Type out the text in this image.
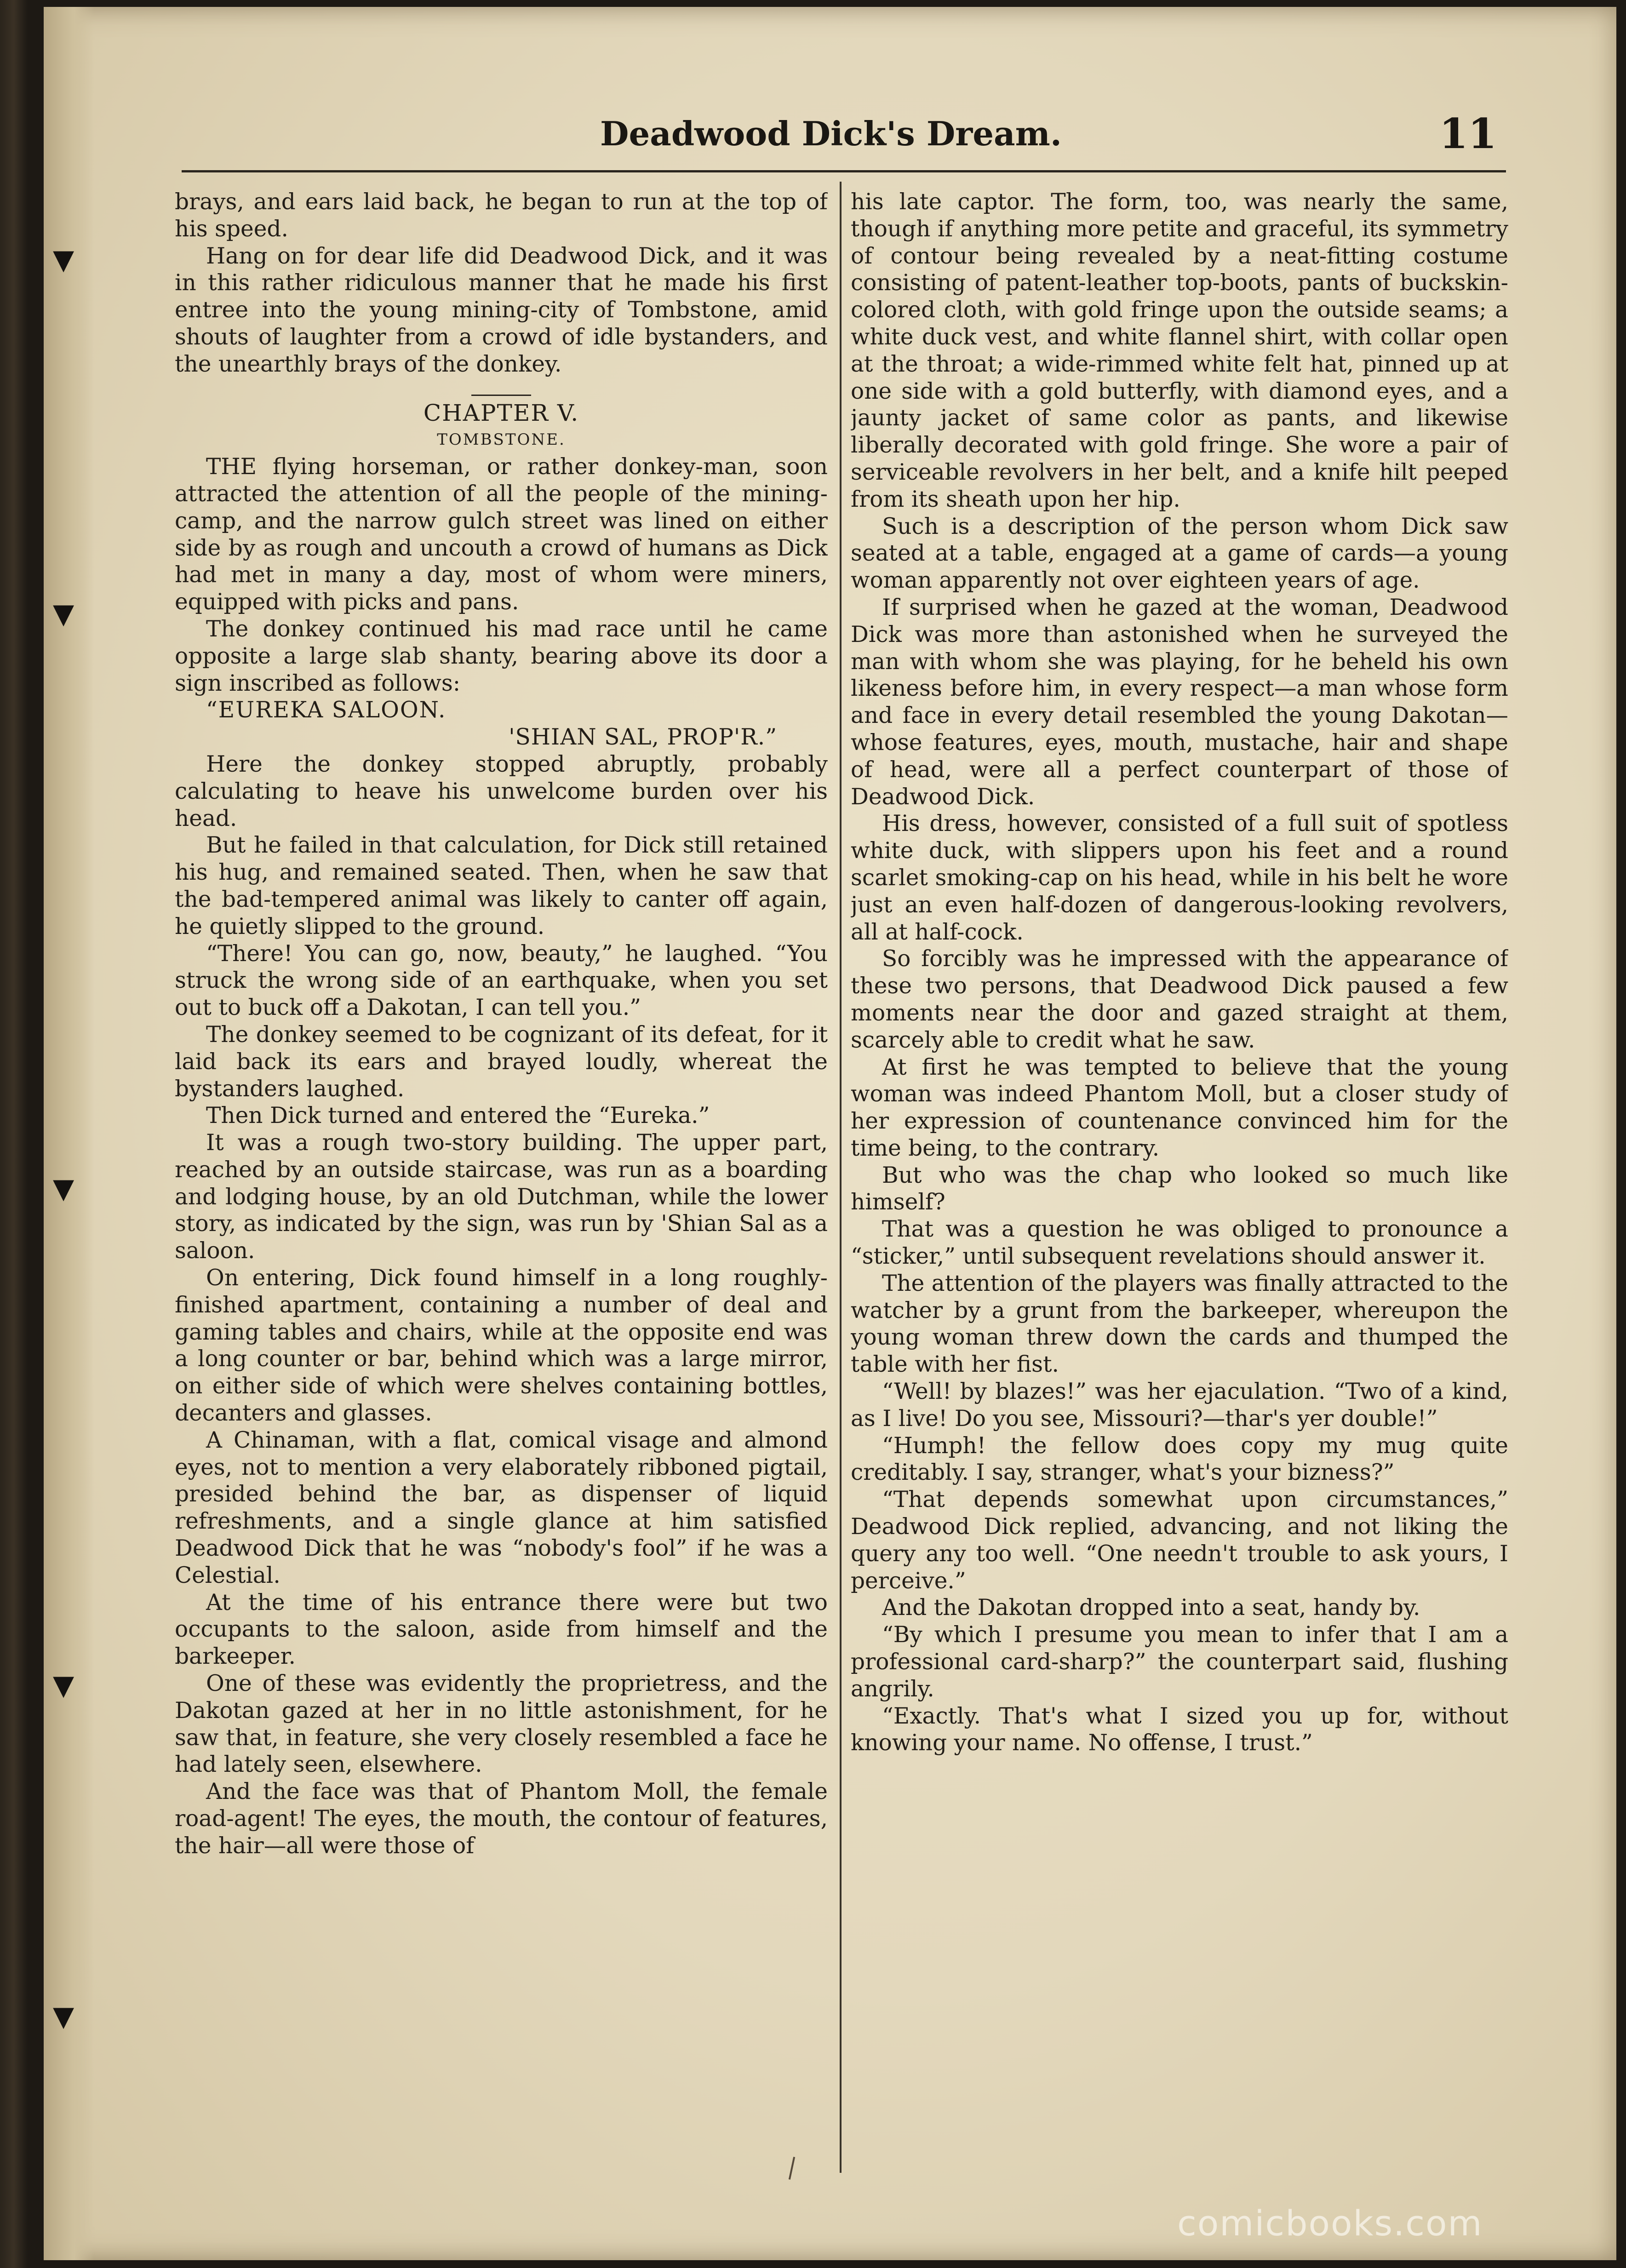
▼
▼
▼
▼
▼
Deadwood Dick's Dream.	11

brays, and ears laid back, he began to run at the top of his speed.

Hang on for dear life did Deadwood Dick, and it was in this rather ridiculous manner that he made his first entree into the young mining-city of Tombstone, amid shouts of laughter from a crowd of idle bystanders, and the unearthly brays of the donkey.

CHAPTER V.

TOMBSTONE.

THE flying horseman, or rather donkey-man, soon attracted the attention of all the people of the mining-camp, and the narrow gulch street was lined on either side by as rough and uncouth a crowd of humans as Dick had met in many a day, most of whom were miners, equipped with picks and pans.

The donkey continued his mad race until he came opposite a large slab shanty, bearing above its door a sign inscribed as follows:

“EUREKA SALOON.

'SHIAN SAL, PROP'R.”

Here the donkey stopped abruptly, probably calculating to heave his unwelcome burden over his head.

But he failed in that calculation, for Dick still retained his hug, and remained seated. Then, when he saw that the bad-tempered animal was likely to canter off again, he quietly slipped to the ground.

“There! You can go, now, beauty,” he laughed. “You struck the wrong side of an earthquake, when you set out to buck off a Dakotan, I can tell you.”

The donkey seemed to be cognizant of its defeat, for it laid back its ears and brayed loudly, whereat the bystanders laughed.

Then Dick turned and entered the “Eureka.”

It was a rough two-story building. The upper part, reached by an outside staircase, was run as a boarding and lodging house, by an old Dutchman, while the lower story, as indicated by the sign, was run by 'Shian Sal as a saloon.

On entering, Dick found himself in a long roughly-finished apartment, containing a number of deal and gaming tables and chairs, while at the opposite end was a long counter or bar, behind which was a large mirror, on either side of which were shelves containing bottles, decanters and glasses.

A Chinaman, with a flat, comical visage and almond eyes, not to mention a very elaborately ribboned pigtail, presided behind the bar, as dispenser of liquid refreshments, and a single glance at him satisfied Deadwood Dick that he was “nobody's fool” if he was a Celestial.

At the time of his entrance there were but two occupants to the saloon, aside from himself and the barkeeper.

One of these was evidently the proprietress, and the Dakotan gazed at her in no little astonishment, for he saw that, in feature, she very closely resembled a face he had lately seen, elsewhere.

And the face was that of Phantom Moll, the female road-agent! The eyes, the mouth, the contour of features, the hair—all were those of

his late captor. The form, too, was nearly the same, though if anything more petite and graceful, its symmetry of contour being revealed by a neat-fitting costume consisting of patent-leather top-boots, pants of buckskin-colored cloth, with gold fringe upon the outside seams; a white duck vest, and white flannel shirt, with collar open at the throat; a wide-rimmed white felt hat, pinned up at one side with a gold butterfly, with diamond eyes, and a jaunty jacket of same color as pants, and likewise liberally decorated with gold fringe. She wore a pair of serviceable revolvers in her belt, and a knife hilt peeped from its sheath upon her hip.

Such is a description of the person whom Dick saw seated at a table, engaged at a game of cards—a young woman apparently not over eighteen years of age.

If surprised when he gazed at the woman, Deadwood Dick was more than astonished when he surveyed the man with whom she was playing, for he beheld his own likeness before him, in every respect—a man whose form and face in every detail resembled the young Dakotan—whose features, eyes, mouth, mustache, hair and shape of head, were all a perfect counterpart of those of Deadwood Dick.

His dress, however, consisted of a full suit of spotless white duck, with slippers upon his feet and a round scarlet smoking-cap on his head, while in his belt he wore just an even half-dozen of dangerous-looking revolvers, all at half-cock.

So forcibly was he impressed with the appearance of these two persons, that Deadwood Dick paused a few moments near the door and gazed straight at them, scarcely able to credit what he saw.

At first he was tempted to believe that the young woman was indeed Phantom Moll, but a closer study of her expression of countenance convinced him for the time being, to the contrary.

But who was the chap who looked so much like himself?

That was a question he was obliged to pronounce a “sticker,” until subsequent revelations should answer it.

The attention of the players was finally attracted to the watcher by a grunt from the barkeeper, whereupon the young woman threw down the cards and thumped the table with her fist.

“Well! by blazes!” was her ejaculation. “Two of a kind, as I live! Do you see, Missouri?—thar's yer double!”

“Humph! the fellow does copy my mug quite creditably. I say, stranger, what's your bizness?”

“That depends somewhat upon circumstances,” Deadwood Dick replied, advancing, and not liking the query any too well. “One needn't trouble to ask yours, I perceive.”

And the Dakotan dropped into a seat, handy by.

“By which I presume you mean to infer that I am a professional card-sharp?” the counterpart said, flushing angrily.

“Exactly. That's what I sized you up for, without knowing your name. No offense, I trust.”

comicbooks.com
